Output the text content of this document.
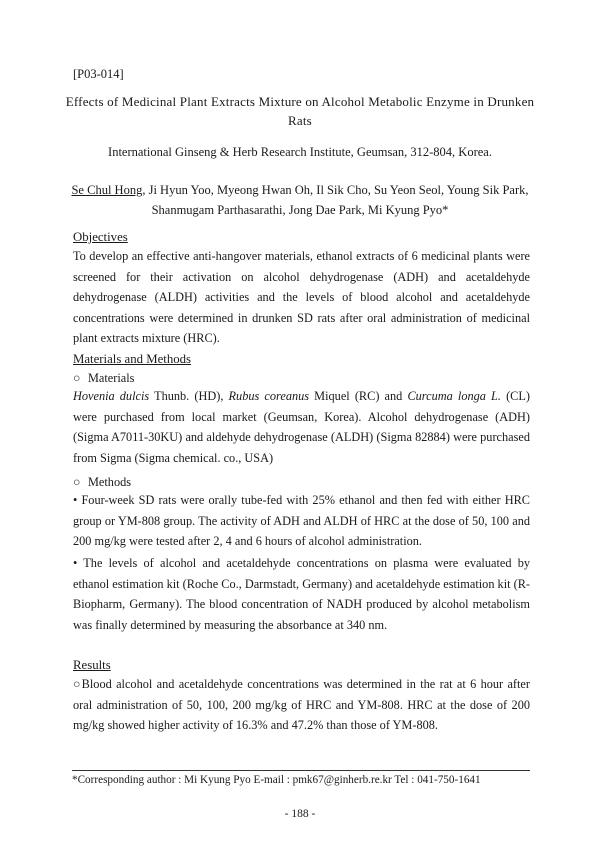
[P03-014]
Effects of Medicinal Plant Extracts Mixture on Alcohol Metabolic Enzyme in Drunken Rats
International Ginseng & Herb Research Institute, Geumsan, 312-804, Korea.
Se Chul Hong, Ji Hyun Yoo, Myeong Hwan Oh, Il Sik Cho, Su Yeon Seol, Young Sik Park, Shanmugam Parthasarathi, Jong Dae Park, Mi Kyung Pyo*
Objectives
To develop an effective anti-hangover materials, ethanol extracts of 6 medicinal plants were screened for their activation on alcohol dehydrogenase (ADH) and acetaldehyde dehydrogenase (ALDH) activities and the levels of blood alcohol and acetaldehyde concentrations were determined in drunken SD rats after oral administration of medicinal plant extracts mixture (HRC).
Materials and Methods
○ Materials
Hovenia dulcis Thunb. (HD), Rubus coreanus Miquel (RC) and Curcuma longa L. (CL) were purchased from local market (Geumsan, Korea). Alcohol dehydrogenase (ADH) (Sigma A7011-30KU) and aldehyde dehydrogenase (ALDH) (Sigma 82884) were purchased from Sigma (Sigma chemical. co., USA)
○ Methods
• Four-week SD rats were orally tube-fed with 25% ethanol and then fed with either HRC group or YM-808 group. The activity of ADH and ALDH of HRC at the dose of 50, 100 and 200 mg/kg were tested after 2, 4 and 6 hours of alcohol administration.
• The levels of alcohol and acetaldehyde concentrations on plasma were evaluated by ethanol estimation kit (Roche Co., Darmstadt, Germany) and acetaldehyde estimation kit (R-Biopharm, Germany). The blood concentration of NADH produced by alcohol metabolism was finally determined by measuring the absorbance at 340 nm.
Results
○Blood alcohol and acetaldehyde concentrations was determined in the rat at 6 hour after oral administration of 50, 100, 200 mg/kg of HRC and YM-808. HRC at the dose of 200 mg/kg showed higher activity of 16.3% and 47.2% than those of YM-808.
*Corresponding author : Mi Kyung Pyo E-mail : pmk67@ginherb.re.kr Tel : 041-750-1641
- 188 -
